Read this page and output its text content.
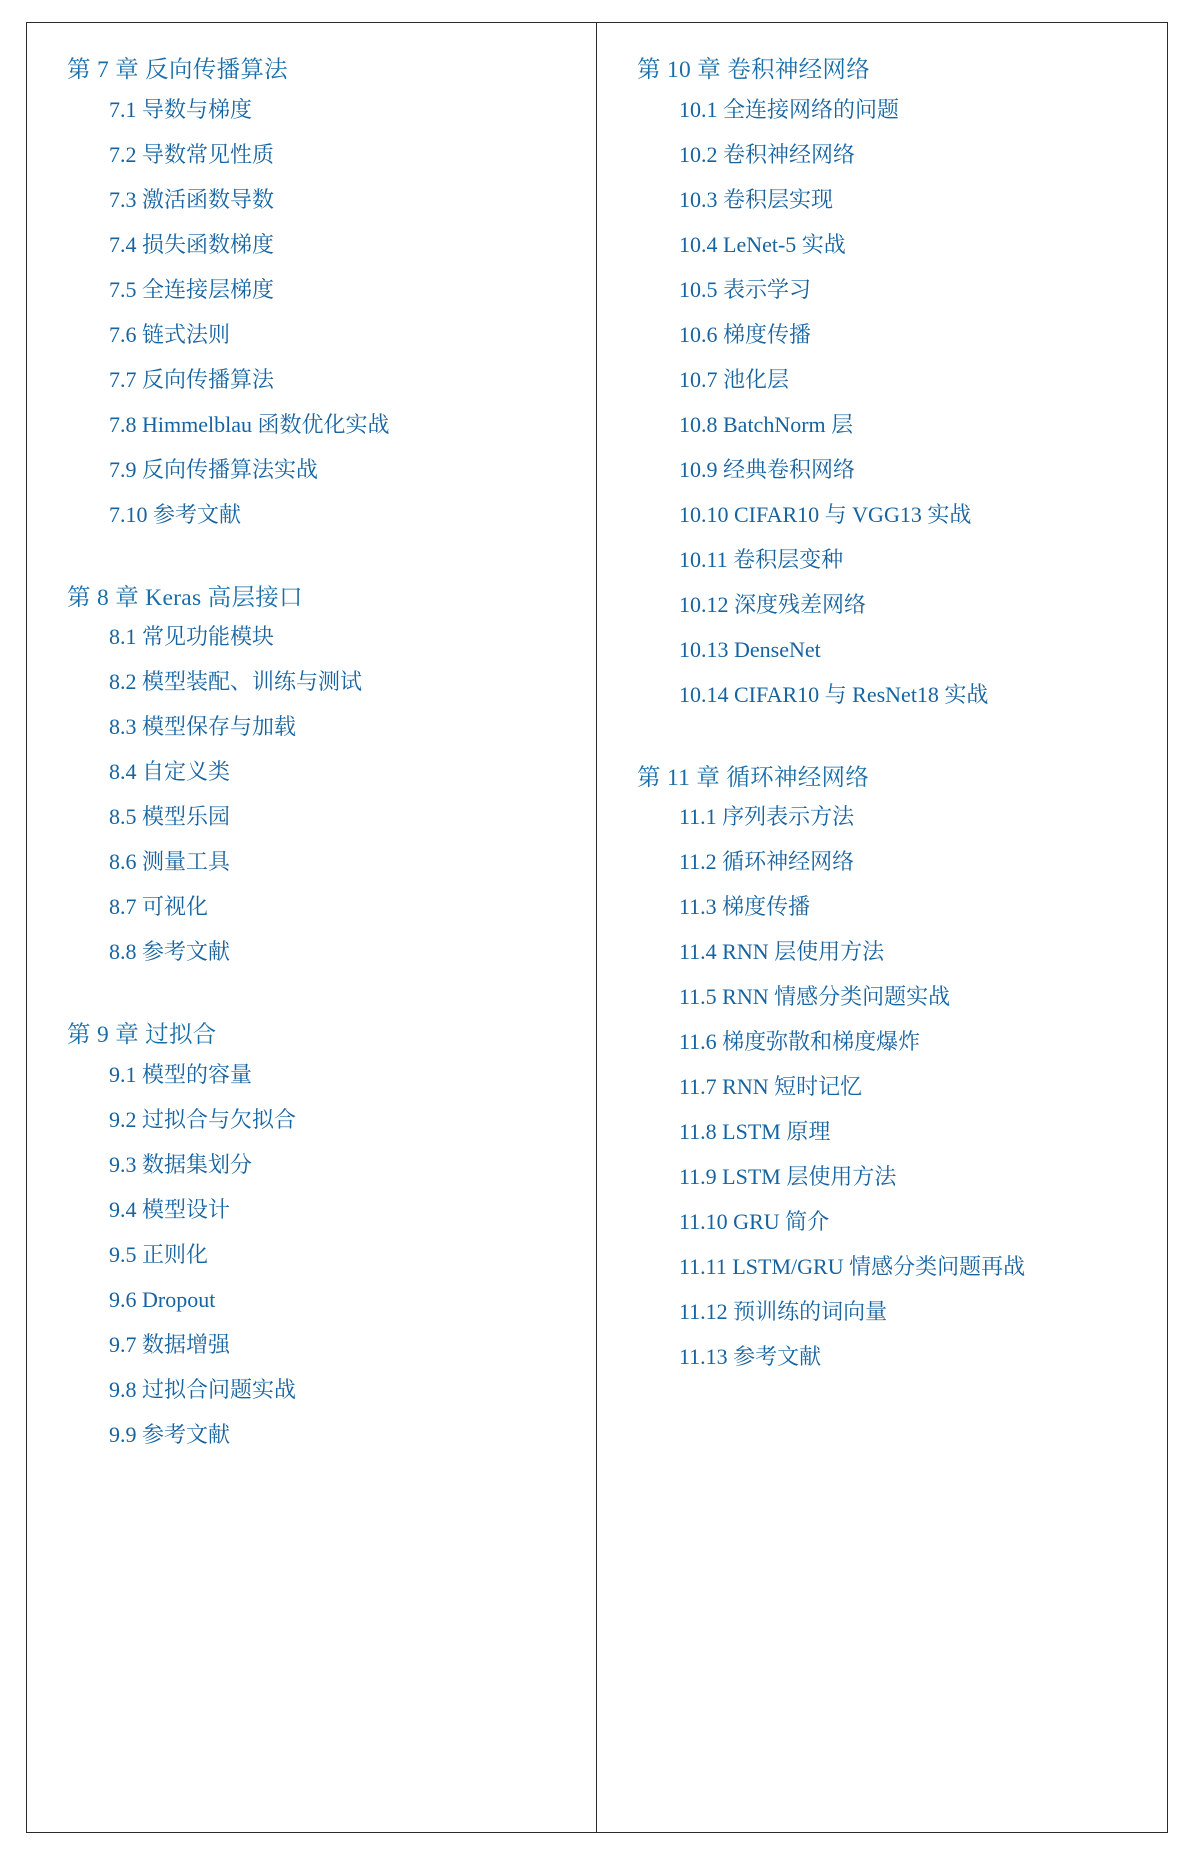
第 7 章 反向传播算法
7.1 导数与梯度
7.2 导数常见性质
7.3 激活函数导数
7.4 损失函数梯度
7.5 全连接层梯度
7.6 链式法则
7.7 反向传播算法
7.8 Himmelblau 函数优化实战
7.9 反向传播算法实战
7.10 参考文献
第 8 章 Keras 高层接口
8.1 常见功能模块
8.2 模型装配、训练与测试
8.3 模型保存与加载
8.4 自定义类
8.5 模型乐园
8.6 测量工具
8.7 可视化
8.8 参考文献
第 9 章 过拟合
9.1 模型的容量
9.2 过拟合与欠拟合
9.3 数据集划分
9.4 模型设计
9.5 正则化
9.6 Dropout
9.7 数据增强
9.8 过拟合问题实战
9.9 参考文献
第 10 章 卷积神经网络
10.1 全连接网络的问题
10.2 卷积神经网络
10.3 卷积层实现
10.4 LeNet-5 实战
10.5 表示学习
10.6 梯度传播
10.7 池化层
10.8 BatchNorm 层
10.9 经典卷积网络
10.10 CIFAR10 与 VGG13 实战
10.11 卷积层变种
10.12 深度残差网络
10.13 DenseNet
10.14 CIFAR10 与 ResNet18 实战
第 11 章 循环神经网络
11.1 序列表示方法
11.2 循环神经网络
11.3 梯度传播
11.4 RNN 层使用方法
11.5 RNN 情感分类问题实战
11.6 梯度弥散和梯度爆炸
11.7 RNN 短时记忆
11.8 LSTM 原理
11.9 LSTM 层使用方法
11.10 GRU 简介
11.11 LSTM/GRU 情感分类问题再战
11.12 预训练的词向量
11.13 参考文献
